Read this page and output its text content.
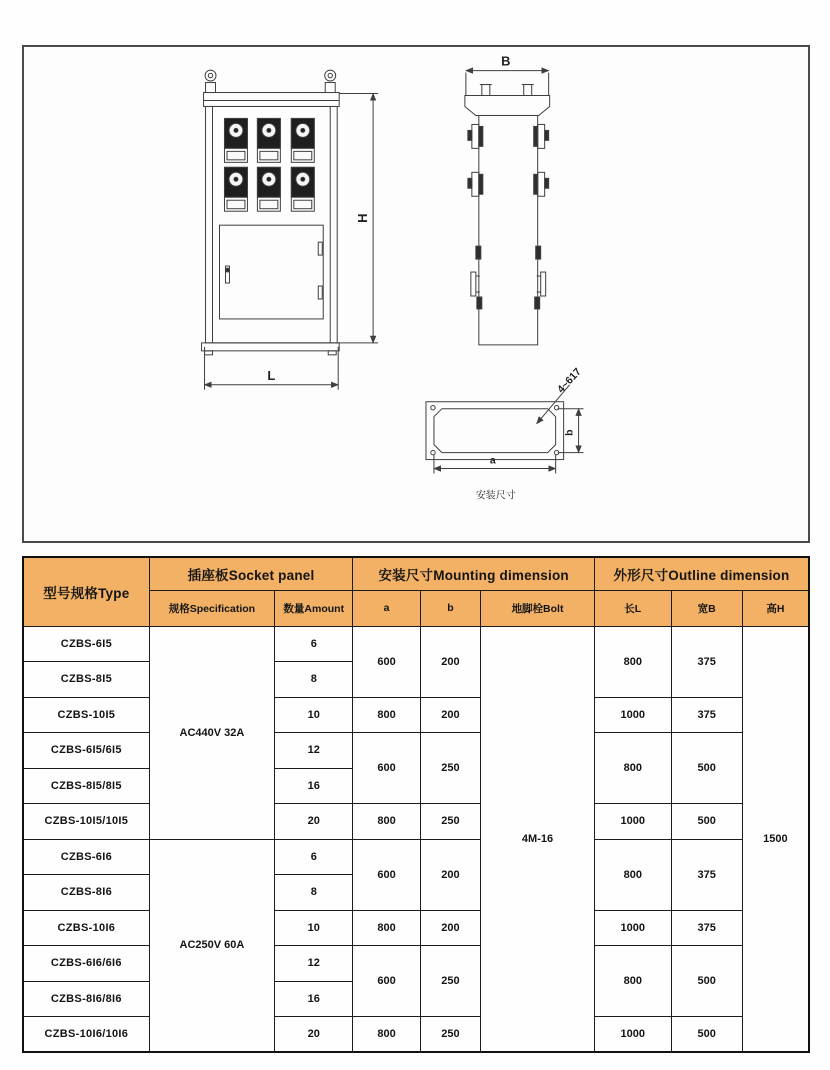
H
L
B
4~617
b
a
安装尺寸
型号规格Type	插座板Socket panel		安装尺寸Mounting dimension			外形尺寸Outline dimension		
	规格Specification	数量Amount	a	b	地脚栓Bolt	长L	宽B	高H
CZBS-6I5	AC440V 32A	6	600	200	4M-16	800	375	1500
CZBS-8I5		8						
CZBS-10I5		10	800	200		1000	375	
CZBS-6I5/6I5		12	600	250		800	500	
CZBS-8I5/8I5		16						
CZBS-10I5/10I5		20	800	250		1000	500	
CZBS-6I6	AC250V 60A	6	600	200		800	375	
CZBS-8I6		8						
CZBS-10I6		10	800	200		1000	375	
CZBS-6I6/6I6		12	600	250		800	500	
CZBS-8I6/8I6		16						
CZBS-10I6/10I6		20	800	250		1000	500	
